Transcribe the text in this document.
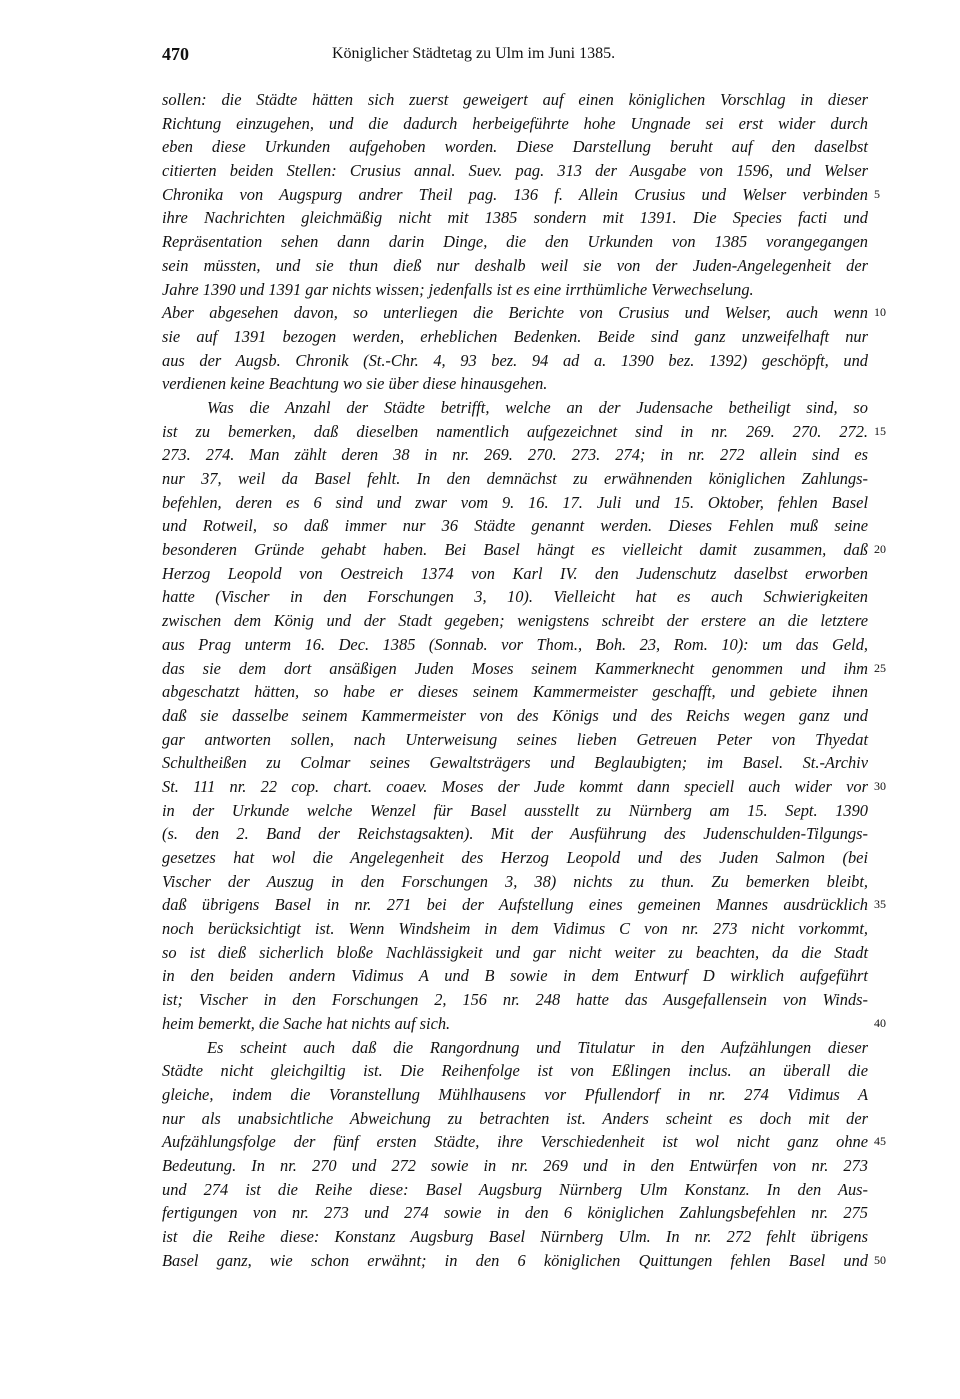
470	Königlicher Städtetag zu Ulm im Juni 1385.
sollen: die Städte hätten sich zuerst geweigert auf einen königlichen Vorschlag in dieser
Richtung einzugehen, und die dadurch herbeigeführte hohe Ungnade sei erst wider durch
eben diese Urkunden aufgehoben worden. Diese Darstellung beruht auf den daselbst
citierten beiden Stellen: Crusius annal. Suev. pag. 313 der Ausgabe von 1596, und Welser
Chronika von Augspurg andrer Theil pag. 136 f. Allein Crusius und Welser verbinden 5
ihre Nachrichten gleichmäßig nicht mit 1385 sondern mit 1391. Die Species facti und
Repräsentation sehen dann darin Dinge, die den Urkunden von 1385 vorangegangen
sein müssten, und sie thun dieß nur deshalb weil sie von der Juden-Angelegenheit der
Jahre 1390 und 1391 gar nichts wissen; jedenfalls ist es eine irrthümliche Verwechselung.
Aber abgesehen davon, so unterliegen die Berichte von Crusius und Welser, auch wenn 10
sie auf 1391 bezogen werden, erheblichen Bedenken. Beide sind ganz unzweifelhaft nur
aus der Augsb. Chronik (St.-Chr. 4, 93 bez. 94 ad a. 1390 bez. 1392) geschöpft, und
verdienen keine Beachtung wo sie über diese hinausgehen.
Was die Anzahl der Städte betrifft, welche an der Judensache betheiligt sind, so
ist zu bemerken, daß dieselben namentlich aufgezeichnet sind in nr. 269. 270. 272. 15
273. 274. Man zählt deren 38 in nr. 269. 270. 273. 274; in nr. 272 allein sind es
nur 37, weil da Basel fehlt. In den demnächst zu erwähnenden königlichen Zahlungs-
befehlen, deren es 6 sind und zwar vom 9. 16. 17. Juli und 15. Oktober, fehlen Basel
und Rotweil, so daß immer nur 36 Städte genannt werden. Dieses Fehlen muß seine
besonderen Gründe gehabt haben. Bei Basel hängt es vielleicht damit zusammen, daß 20
Herzog Leopold von Oestreich 1374 von Karl IV. den Judenschutz daselbst erworben
hatte (Vischer in den Forschungen 3, 10). Vielleicht hat es auch Schwierigkeiten
zwischen dem König und der Stadt gegeben; wenigstens schreibt der erstere an die letztere
aus Prag unterm 16. Dec. 1385 (Sonnab. vor Thom., Boh. 23, Rom. 10): um das Geld,
das sie dem dort ansäßigen Juden Moses seinem Kammerknecht genommen und ihm 25
abgeschatzt hätten, so habe er dieses seinem Kammermeister geschafft, und gebiete ihnen
daß sie dasselbe seinem Kammermeister von des Königs und des Reichs wegen ganz und
gar antworten sollen, nach Unterweisung seines lieben Getreuen Peter von Thyedat
Schultheißen zu Colmar seines Gewaltsträgers und Beglaubigten; im Basel. St.-Archiv
St. 111 nr. 22 cop. chart. coaev. Moses der Jude kommt dann speciell auch wider vor 30
in der Urkunde welche Wenzel für Basel ausstellt zu Nürnberg am 15. Sept. 1390
(s. den 2. Band der Reichstagsakten). Mit der Ausführung des Judenschulden-Tilgungs-
gesetzes hat wol die Angelegenheit des Herzog Leopold und des Juden Salmon (bei
Vischer der Auszug in den Forschungen 3, 38) nichts zu thun. Zu bemerken bleibt,
daß übrigens Basel in nr. 271 bei der Aufstellung eines gemeinen Mannes ausdrücklich 35
noch berücksichtigt ist. Wenn Windsheim in dem Vidimus C von nr. 273 nicht vorkommt,
so ist dieß sicherlich bloße Nachlässigkeit und gar nicht weiter zu beachten, da die Stadt
in den beiden andern Vidimus A und B sowie in dem Entwurf D wirklich aufgeführt
ist; Vischer in den Forschungen 2, 156 nr. 248 hatte das Ausgefallensein von Winds-
heim bemerkt, die Sache hat nichts auf sich.	40
Es scheint auch daß die Rangordnung und Titulatur in den Aufzählungen dieser
Städte nicht gleichgiltig ist. Die Reihenfolge ist von Eßlingen inclus. an überall die
gleiche, indem die Voranstellung Mühlhausens vor Pfullendorf in nr. 274 Vidimus A
nur als unabsichtliche Abweichung zu betrachten ist. Anders scheint es doch mit der
Aufzählungsfolge der fünf ersten Städte, ihre Verschiedenheit ist wol nicht ganz ohne 45
Bedeutung. In nr. 270 und 272 sowie in nr. 269 und in den Entwürfen von nr. 273
und 274 ist die Reihe diese: Basel Augsburg Nürnberg Ulm Konstanz. In den Aus-
fertigungen von nr. 273 und 274 sowie in den 6 königlichen Zahlungsbefehlen nr. 275
ist die Reihe diese: Konstanz Augsburg Basel Nürnberg Ulm. In nr. 272 fehlt übrigens
Basel ganz, wie schon erwähnt; in den 6 königlichen Quittungen fehlen Basel und 50
